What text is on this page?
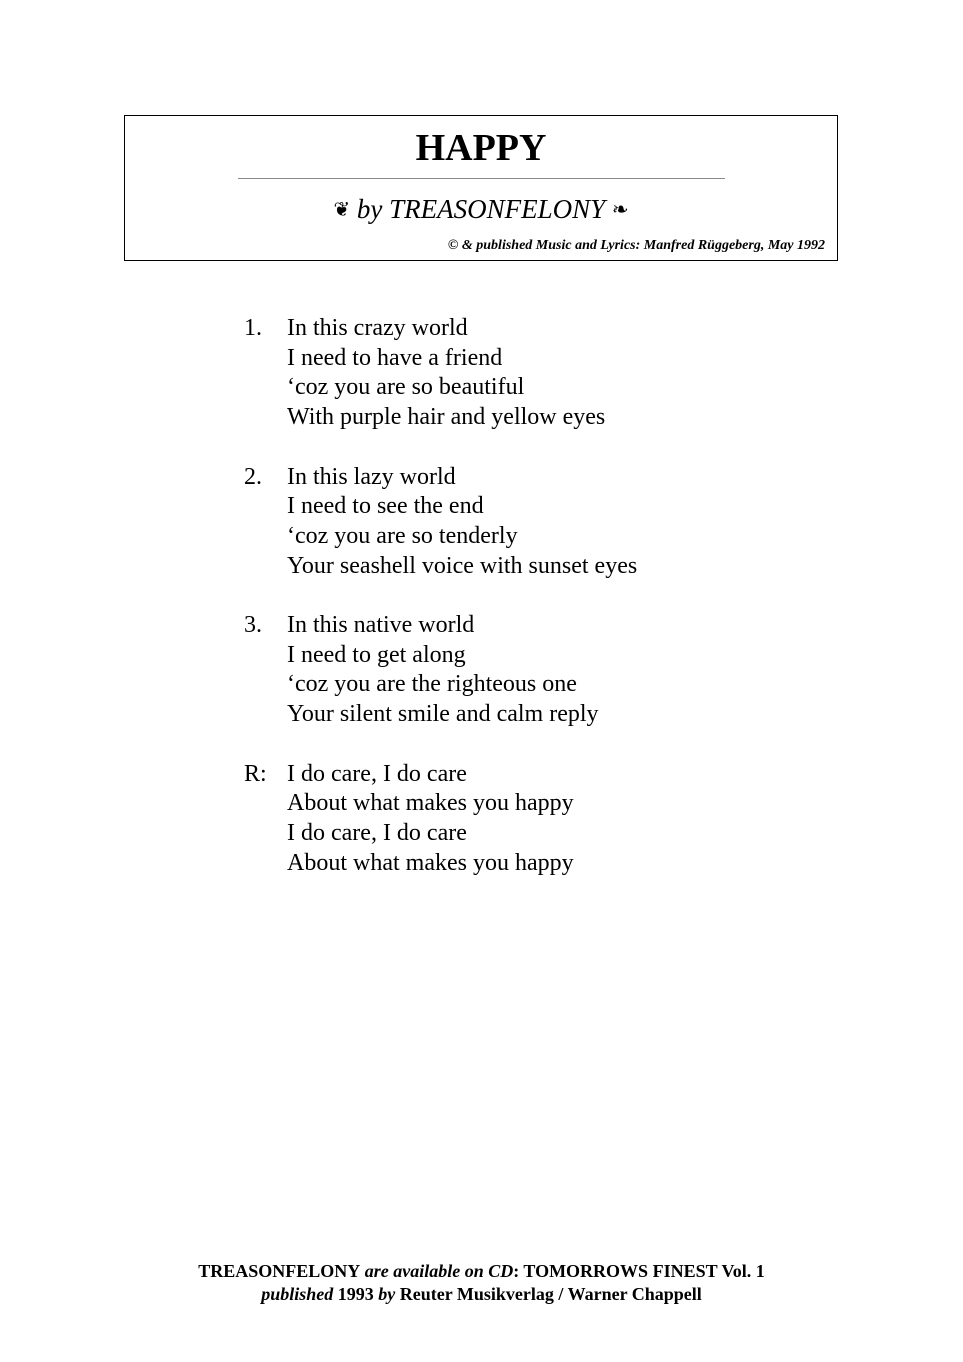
HAPPY
❦ by TREASONFELONY ❧
© & published Music and Lyrics: Manfred Rüggeberg, May 1992
1. In this crazy world
I need to have a friend
‘coz you are so beautiful
With purple hair and yellow eyes
2. In this lazy world
I need to see the end
‘coz you are so tenderly
Your seashell voice with sunset eyes
3. In this native world
I need to get along
‘coz you are the righteous one
Your silent smile and calm reply
R: I do care, I do care
About what makes you happy
I do care, I do care
About what makes you happy
TREASONFELONY are available on CD: TOMORROWS FINEST Vol. 1
published 1993 by Reuter Musikverlag / Warner Chappell
